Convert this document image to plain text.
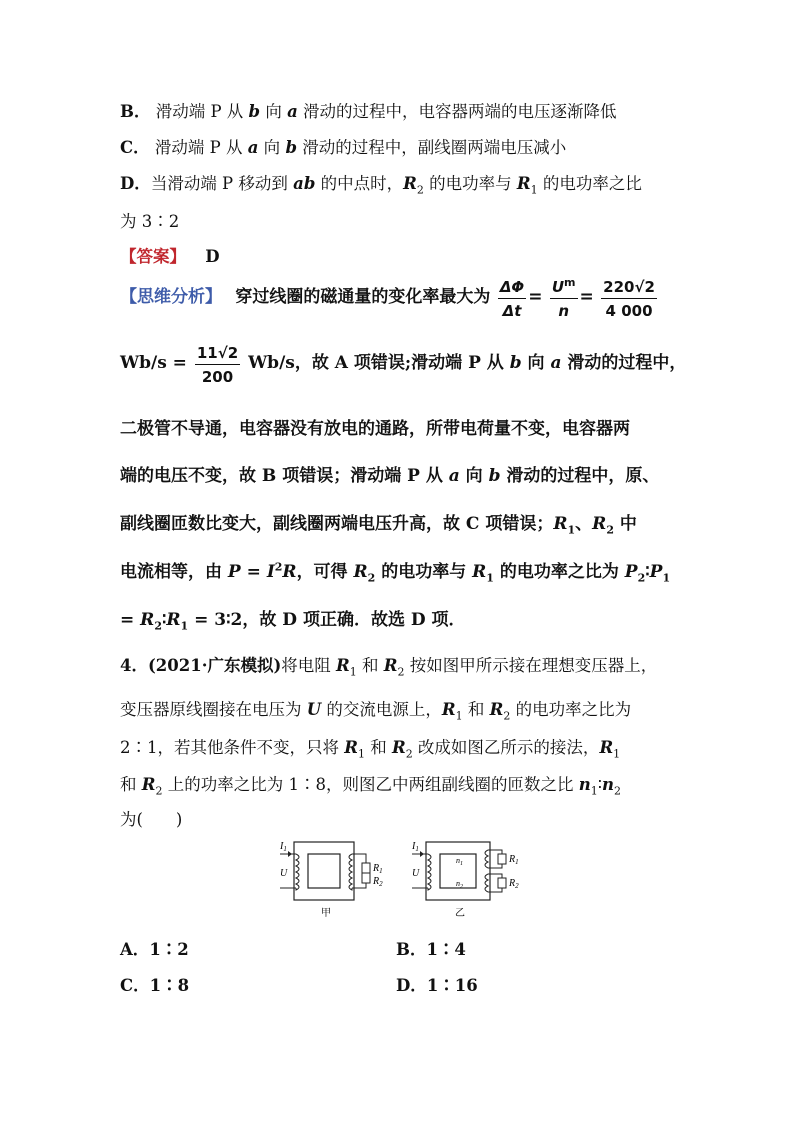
B． 滑动端 P 从 b 向 a 滑动的过程中，电容器两端的电压逐渐降低
C． 滑动端 P 从 a 向 b 滑动的过程中，副线圈两端电压减小
D．当滑动端 P 移动到 ab 的中点时，$R_2$ 的电功率与 $R_1$ 的电功率之比
为 3∶2
【答案】 D
【思维分析】 穿过线圈的磁通量的变化率最大为 $\frac{\Delta\Phi}{\Delta t} = \frac{U^m}{n} = \frac{220√2}{4 000}$
$Wb/s = \frac{11√2}{200} Wb/s$，故 A 项错误;滑动端 P 从 b 向 a 滑动的过程中，
二极管不导通，电容器没有放电的通路，所带电荷量不变，电容器两
端的电压不变，故 B 项错误；滑动端 P 从 a 向 b 滑动的过程中，原、
副线圈匝数比变大，副线圈两端电压升高，故 C 项错误；$R_1$、$R_2$ 中
电流相等，由 $P = I^2R$，可得 $R_2$ 的电功率与 $R_1$ 的电功率之比为 $P_2∶P_1$
= $R_2∶R_1$ = 3∶2，故 D 项正确．故选 D 项．
4．(2021·广东模拟)将电阻 $R_1$ 和 $R_2$ 按如图甲所示接在理想变压器上，
变压器原线圈接在电压为 U 的交流电源上，$R_1$ 和 $R_2$ 的电功率之比为
2∶1，若其他条件不变，只将 $R_1$ 和 $R_2$ 改成如图乙所示的接法，$R_1$
和 $R_2$ 上的功率之比为 1∶8，则图乙中两组副线圈的匝数之比 $n_1∶n_2$
为(　　)
$I_1$
U	$R_1$
$R_2$
甲
$I_1$
U
$n_1$
$n_2$
$R_1$
$R_2$
乙
A．1∶2	B．1∶4
C．1∶8	D．1∶16
